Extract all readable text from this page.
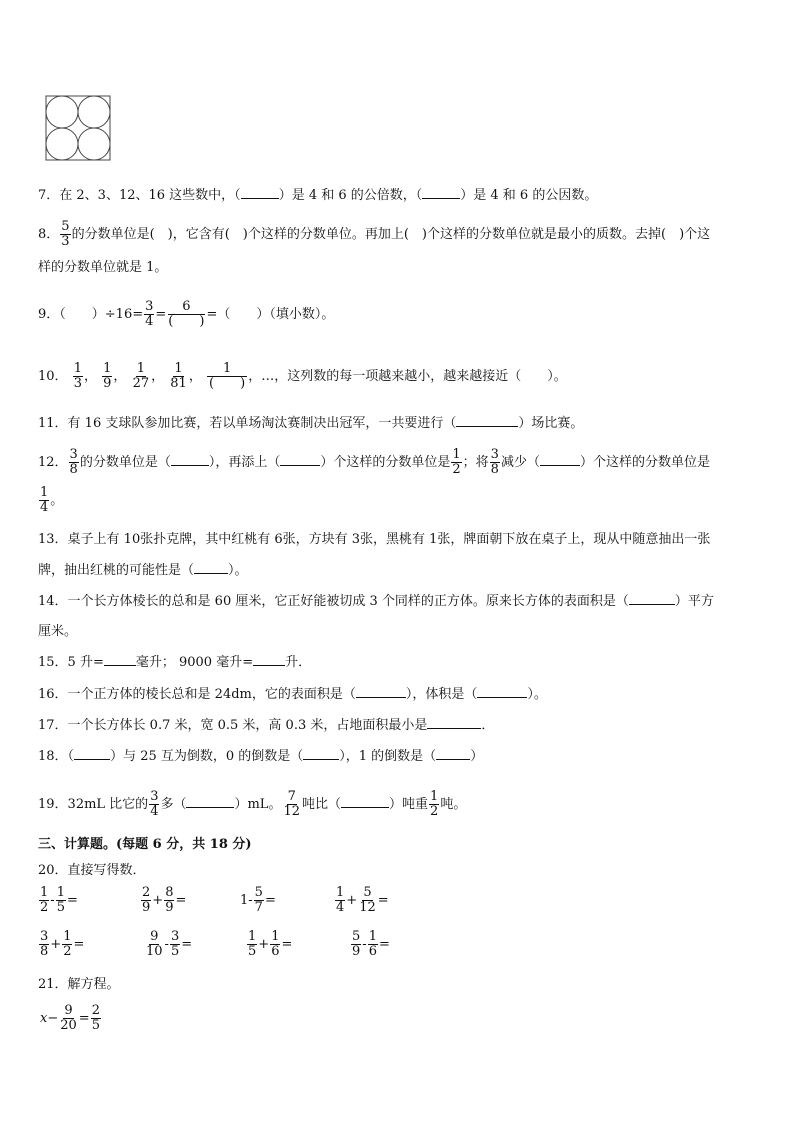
7．在 2、3、12、16 这些数中，（	）是 4 和 6 的公倍数，（	）是 4 和 6 的公因数。
8． $\frac{5}{3}$ 的分数单位是(　)，它含有(　)个这样的分数单位。再加上(　)个这样的分数单位就是最小的质数。去掉(　)个这
样的分数单位就是 1。
9．（　　）$\div 16= \frac{3}{4} = \frac{6}{( )}$ =（　　）（填小数）。
10． $\frac{1}{3}$ ， $\frac{1}{9}$ ， $\frac{1}{27}$ ， $\frac{1}{81}$ ， $\frac{1}{( )}$ ，…，这列数的每一项越来越小，越来越接近（　　）。
11．有 16 支球队参加比赛，若以单场淘汰赛制决出冠军，一共要进行（	）场比赛。
12． $\frac{3}{8}$ 的分数单位是（	），再添上（	）个这样的分数单位是 $\frac{1}{2}$ ；将 $\frac{3}{8}$ 减少（	）个这样的分数单位是
$\frac{1}{4}$ 。
13．桌子上有 10张扑克牌，其中红桃有 6张，方块有 3张，黑桃有 1张，牌面朝下放在桌子上，现从中随意抽出一张
牌，抽出红桃的可能性是（	）。
14．一个长方体棱长的总和是 60 厘米，它正好能被切成 3 个同样的正方体。原来长方体的表面积是（	）平方
厘米。
15．5 升= 毫升； 9000 毫升= 升．
16．一个正方体的棱长总和是 24dm，它的表面积是（	），体积是（	）。
17．一个长方体长 0.7 米，宽 0.5 米，高 0.3 米，占地面积最小是	．
18．（	）与 25 互为倒数，0 的倒数是（	），1 的倒数是（	）
19．32mL 比它的 $\frac{3}{4}$ 多（	）mL。 $\frac{7}{12}$ 吨比（	）吨重 $\frac{1}{2}$ 吨。
三、计算题。(每题 6 分，共 18 分)
20．直接写得数．
$\frac{1}{2} - \frac{1}{5}$ =	$\frac{2}{9} + \frac{8}{9}$ =	$1- \frac{5}{7}$ =	$\frac{1}{4} + \frac{5}{12}$ =
$\frac{3}{8} + \frac{1}{2}$ =	$\frac{9}{10} - \frac{3}{5}$ =	$\frac{1}{5} + \frac{1}{6}$ =	$\frac{5}{9} - \frac{1}{6}$ =
21．解方程。
$x- \frac{9}{20} = \frac{2}{5}$
